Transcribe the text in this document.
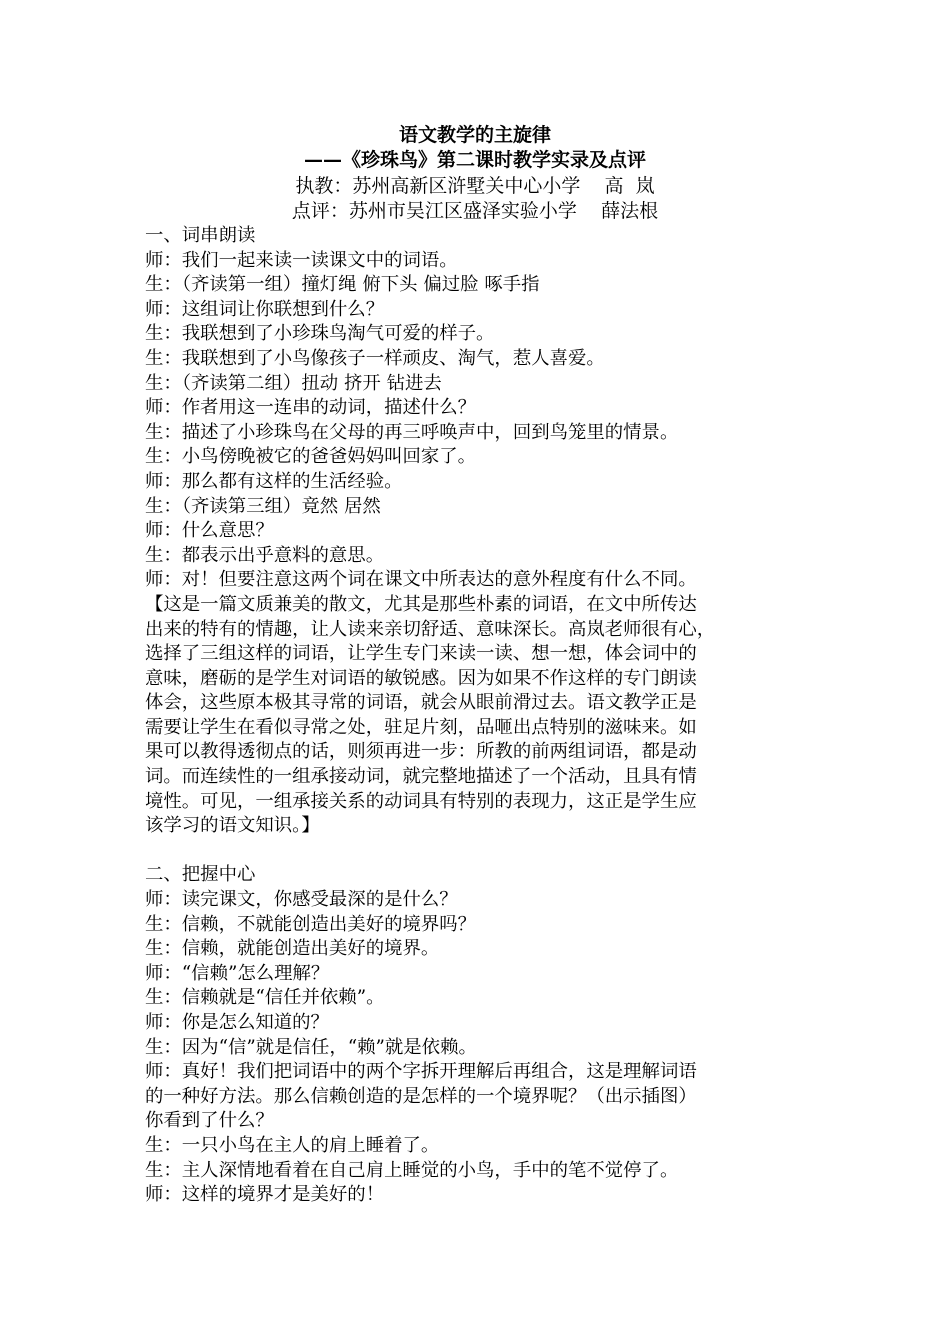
语文教学的主旋律
——《珍珠鸟》第二课时教学实录及点评
执教：苏州高新区浒墅关中心小学    高  岚
点评：苏州市吴江区盛泽实验小学    薛法根
一、词串朗读
师：我们一起来读一读课文中的词语。
生：（齐读第一组）撞灯绳 俯下头 偏过脸 啄手指
师：这组词让你联想到什么？
生：我联想到了小珍珠鸟淘气可爱的样子。
生：我联想到了小鸟像孩子一样顽皮、淘气，惹人喜爱。
生：（齐读第二组）扭动 挤开 钻进去
师：作者用这一连串的动词，描述什么？
生：描述了小珍珠鸟在父母的再三呼唤声中，回到鸟笼里的情景。
生：小鸟傍晚被它的爸爸妈妈叫回家了。
师：那么都有这样的生活经验。
生：（齐读第三组）竟然 居然
师：什么意思？
生：都表示出乎意料的意思。
师：对！但要注意这两个词在课文中所表达的意外程度有什么不同。
【这是一篇文质兼美的散文，尤其是那些朴素的词语，在文中所传达
出来的特有的情趣，让人读来亲切舒适、意味深长。高岚老师很有心，
选择了三组这样的词语，让学生专门来读一读、想一想，体会词中的
意味，磨砺的是学生对词语的敏锐感。因为如果不作这样的专门朗读
体会，这些原本极其寻常的词语，就会从眼前滑过去。语文教学正是
需要让学生在看似寻常之处，驻足片刻，品咂出点特别的滋味来。如
果可以教得透彻点的话，则须再进一步：所教的前两组词语，都是动
词。而连续性的一组承接动词，就完整地描述了一个活动，且具有情
境性。可见，一组承接关系的动词具有特别的表现力，这正是学生应
该学习的语文知识。】
二、把握中心
师：读完课文，你感受最深的是什么？
生：信赖，不就能创造出美好的境界吗？
生：信赖，就能创造出美好的境界。
师：“信赖”怎么理解？
生：信赖就是“信任并依赖”。
师：你是怎么知道的？
生：因为“信”就是信任，“赖”就是依赖。
师：真好！我们把词语中的两个字拆开理解后再组合，这是理解词语
的一种好方法。那么信赖创造的是怎样的一个境界呢？（出示插图）
你看到了什么？
生：一只小鸟在主人的肩上睡着了。
生：主人深情地看着在自己肩上睡觉的小鸟，手中的笔不觉停了。
师：这样的境界才是美好的！
